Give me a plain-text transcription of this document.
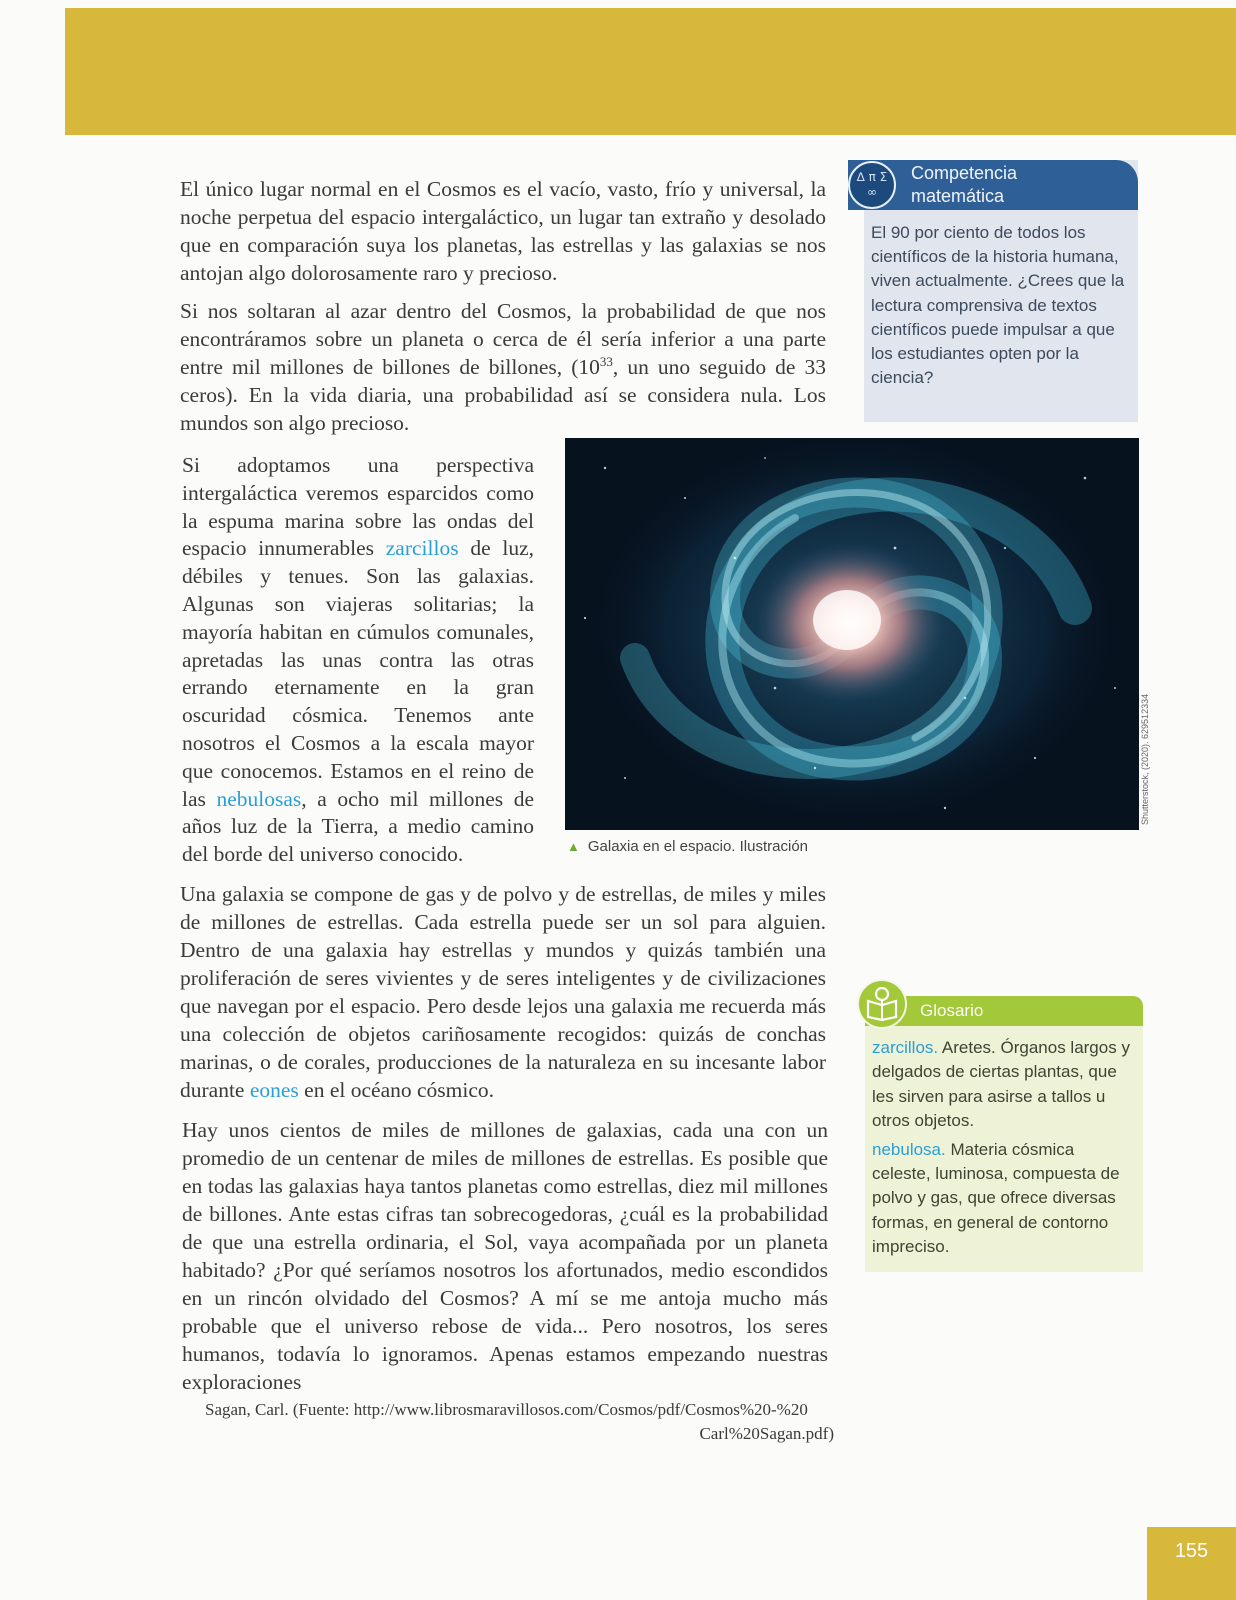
El único lugar normal en el Cosmos es el vacío, vasto, frío y universal, la noche perpetua del espacio intergaláctico, un lugar tan extraño y desolado que en comparación suya los planetas, las estrellas y las galaxias se nos antojan algo dolorosamente raro y precioso.

Si nos soltaran al azar dentro del Cosmos, la probabilidad de que nos encontráramos sobre un planeta o cerca de él sería inferior a una parte entre mil millones de billones de billones, ($10^{33}$, un uno seguido de 33 ceros). En la vida diaria, una probabilidad así se considera nula. Los mundos son algo precioso.

Si adoptamos una perspectiva intergaláctica veremos esparcidos como la espuma marina sobre las ondas del espacio innumerables zarcillos de luz, débiles y tenues. Son las galaxias. Algunas son viajeras solitarias; la mayoría habitan en cúmulos comunales, apretadas las unas contra las otras errando eternamente en la gran oscuridad cósmica. Tenemos ante nosotros el Cosmos a la escala mayor que conocemos. Estamos en el reino de las nebulosas, a ocho mil millones de años luz de la Tierra, a medio camino del borde del universo conocido.	▲ Galaxia en el espacio. Ilustración
Shutterstock, (2020). 629512334

Una galaxia se compone de gas y de polvo y de estrellas, de miles y miles de millones de estrellas. Cada estrella puede ser un sol para alguien. Dentro de una galaxia hay estrellas y mundos y quizás también una proliferación de seres vivientes y de seres inteligentes y de civilizaciones que navegan por el espacio. Pero desde lejos una galaxia me recuerda más una colección de objetos cariñosamente recogidos: quizás de conchas marinas, o de corales, producciones de la naturaleza en su incesante labor durante eones en el océano cósmico.

Hay unos cientos de miles de millones de galaxias, cada una con un promedio de un centenar de miles de millones de estrellas. Es posible que en todas las galaxias haya tantos planetas como estrellas, diez mil millones de billones. Ante estas cifras tan sobrecogedoras, ¿cuál es la probabilidad de que una estrella ordinaria, el Sol, vaya acompañada por un planeta habitado? ¿Por qué seríamos nosotros los afortunados, medio escondidos en un rincón olvidado del Cosmos? A mí se me antoja mucho más probable que el universo rebose de vida... Pero nosotros, los seres humanos, todavía lo ignoramos. Apenas estamos empezando nuestras exploraciones

Sagan, Carl. (Fuente: http://www.librosmaravillosos.com/Cosmos/pdf/Cosmos%20-%20
Carl%20Sagan.pdf)
∆ π Σ ∞
Competencia
matemática

El 90 por ciento de todos los científicos de la historia humana, viven actualmente. ¿Crees que la lectura comprensiva de textos científicos puede impulsar a que los estudiantes opten por la ciencia?

Glosario

zarcillos. Aretes. Órganos largos y delgados de ciertas plantas, que les sirven para asirse a tallos u otros objetos.

nebulosa. Materia cósmica celeste, luminosa, compuesta de polvo y gas, que ofrece diversas formas, en general de contorno impreciso.

155
